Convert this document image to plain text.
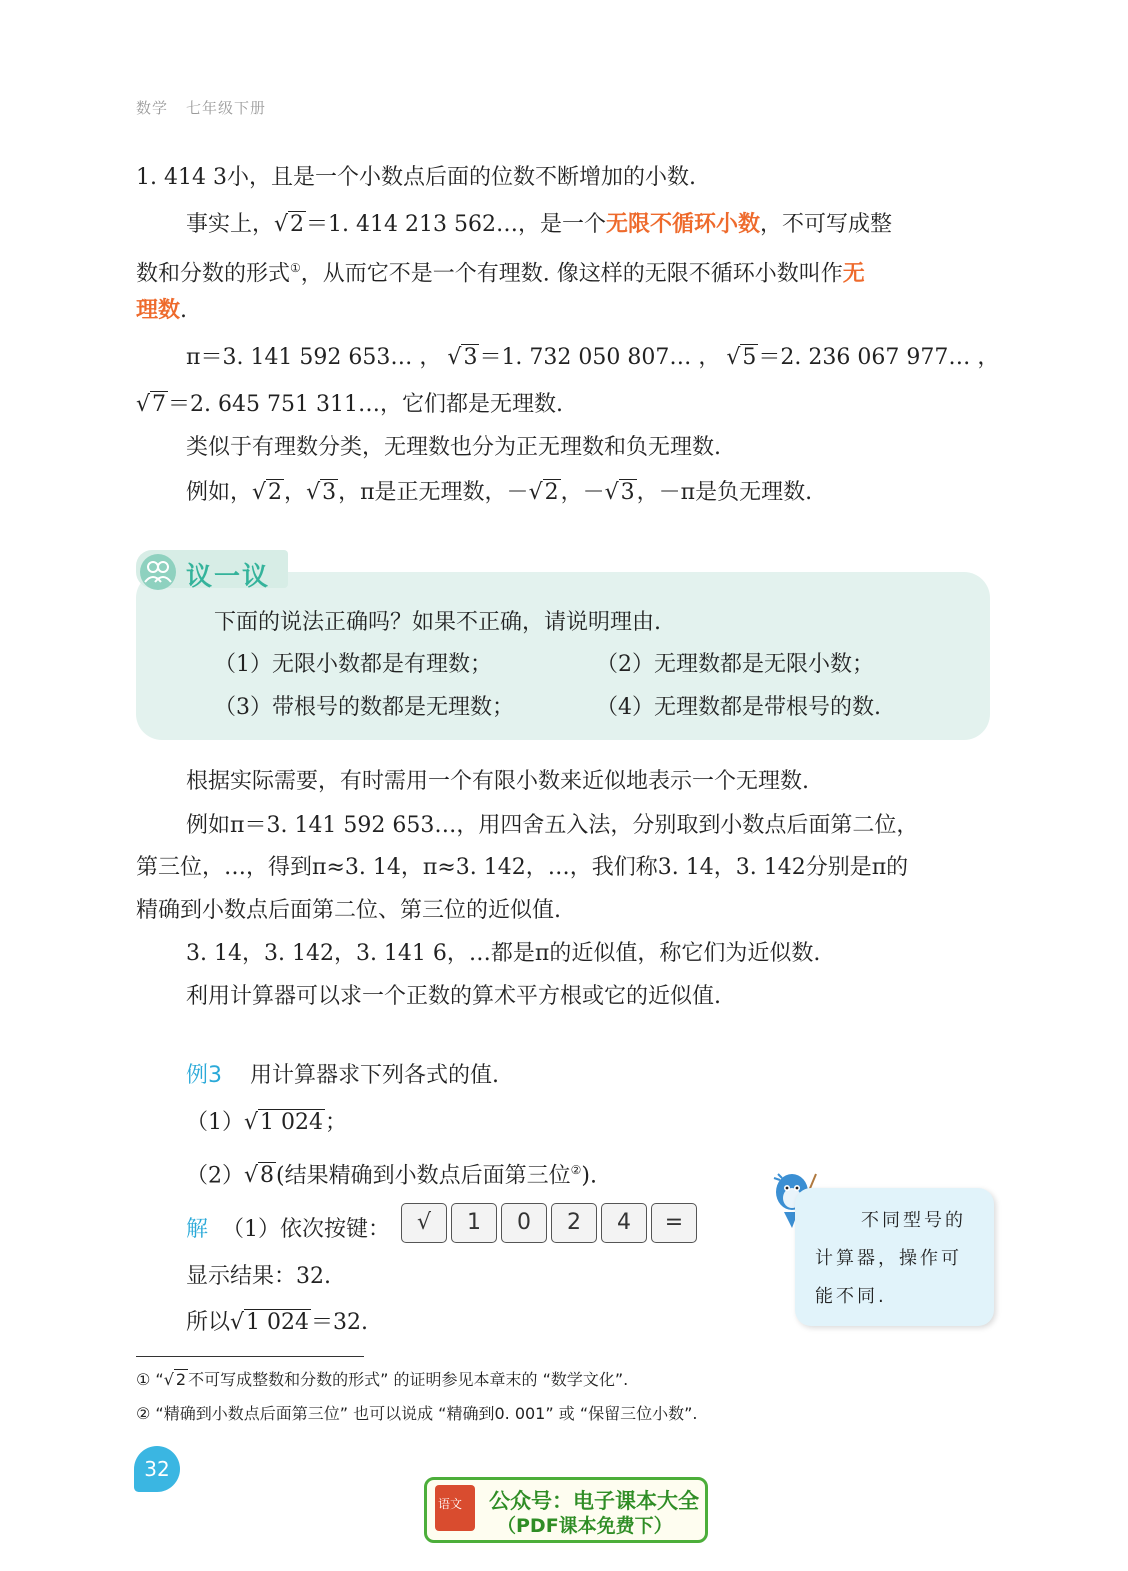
数学 七年级下册
1. 414 3小，且是一个小数点后面的位数不断增加的小数.
事实上，√2＝1. 414 213 562…，是一个无限不循环小数，不可写成整
数和分数的形式①，从而它不是一个有理数. 像这样的无限不循环小数叫作无
理数.
π＝3. 141 592 653… ， √3＝1. 732 050 807… ， √5＝2. 236 067 977… ，
√7＝2. 645 751 311…，它们都是无理数.
类似于有理数分类，无理数也分为正无理数和负无理数.
例如，√2，√3，π是正无理数，－√2，－√3，－π是负无理数.
议一议
下面的说法正确吗？如果不正确，请说明理由.
（1）无限小数都是有理数；	（2）无理数都是无限小数；
（3）带根号的数都是无理数；	（4）无理数都是带根号的数.
根据实际需要，有时需用一个有限小数来近似地表示一个无理数.
例如π＝3. 141 592 653…，用四舍五入法，分别取到小数点后面第二位，
第三位，…，得到π≈3. 14，π≈3. 142，…，我们称3. 14，3. 142分别是π的
精确到小数点后面第二位、第三位的近似值.
3. 14，3. 142，3. 141 6，…都是π的近似值，称它们为近似数.
利用计算器可以求一个正数的算术平方根或它的近似值.
例3 用计算器求下列各式的值.
（1）√1 024；
（2）√8(结果精确到小数点后面第三位②).
解 （1）依次按键：	√ 1 0 2 4 =
显示结果：32.
所以√1 024＝32.
不同型号的
计算器，操作可
能不同.
① “√ 2 不可写成整数和分数的形式” 的证明参见本章末的 “数学文化”.
② “精确到小数点后面第三位” 也可以说成 “精确到0. 001” 或 “保留三位小数”.
32
语文 公众号：电子课本大全
（PDF课本免费下）
